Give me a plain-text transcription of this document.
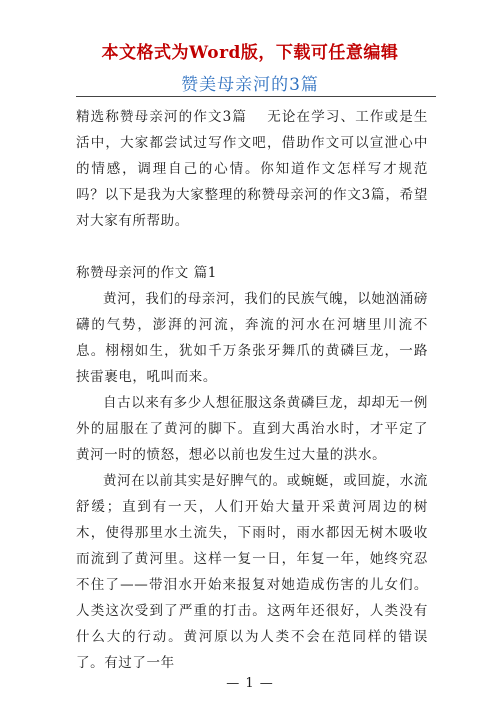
本文格式为Word版，下载可任意编辑
赞美母亲河的3篇

精选称赞母亲河的作文3篇　 无论在学习、工作或是生活中，大家都尝试过写作文吧，借助作文可以宣泄心中的情感，调理自己的心情。你知道作文怎样写才规范吗？以下是我为大家整理的称赞母亲河的作文3篇，希望对大家有所帮助。

称赞母亲河的作文 篇1

黄河，我们的母亲河，我们的民族气魄，以她汹涌磅礴的气势，澎湃的河流，奔流的河水在河塘里川流不息。栩栩如生，犹如千万条张牙舞爪的黄磷巨龙，一路挟雷裹电，吼叫而来。

自古以来有多少人想征服这条黄磷巨龙，却却无一例外的屈服在了黄河的脚下。直到大禹治水时，才平定了黄河一时的愤怒，想必以前也发生过大量的洪水。

黄河在以前其实是好脾气的。或蜿蜒，或回旋，水流舒缓；直到有一天，人们开始大量开采黄河周边的树木，使得那里水土流失，下雨时，雨水都因无树木吸收而流到了黄河里。这样一复一日，年复一年，她终究忍不住了——带泪水开始来报复对她造成伤害的儿女们。人类这次受到了严重的打击。这两年还很好，人类没有什么大的行动。黄河原以为人类不会在范同样的错误了。有过了一年

— 1 —
